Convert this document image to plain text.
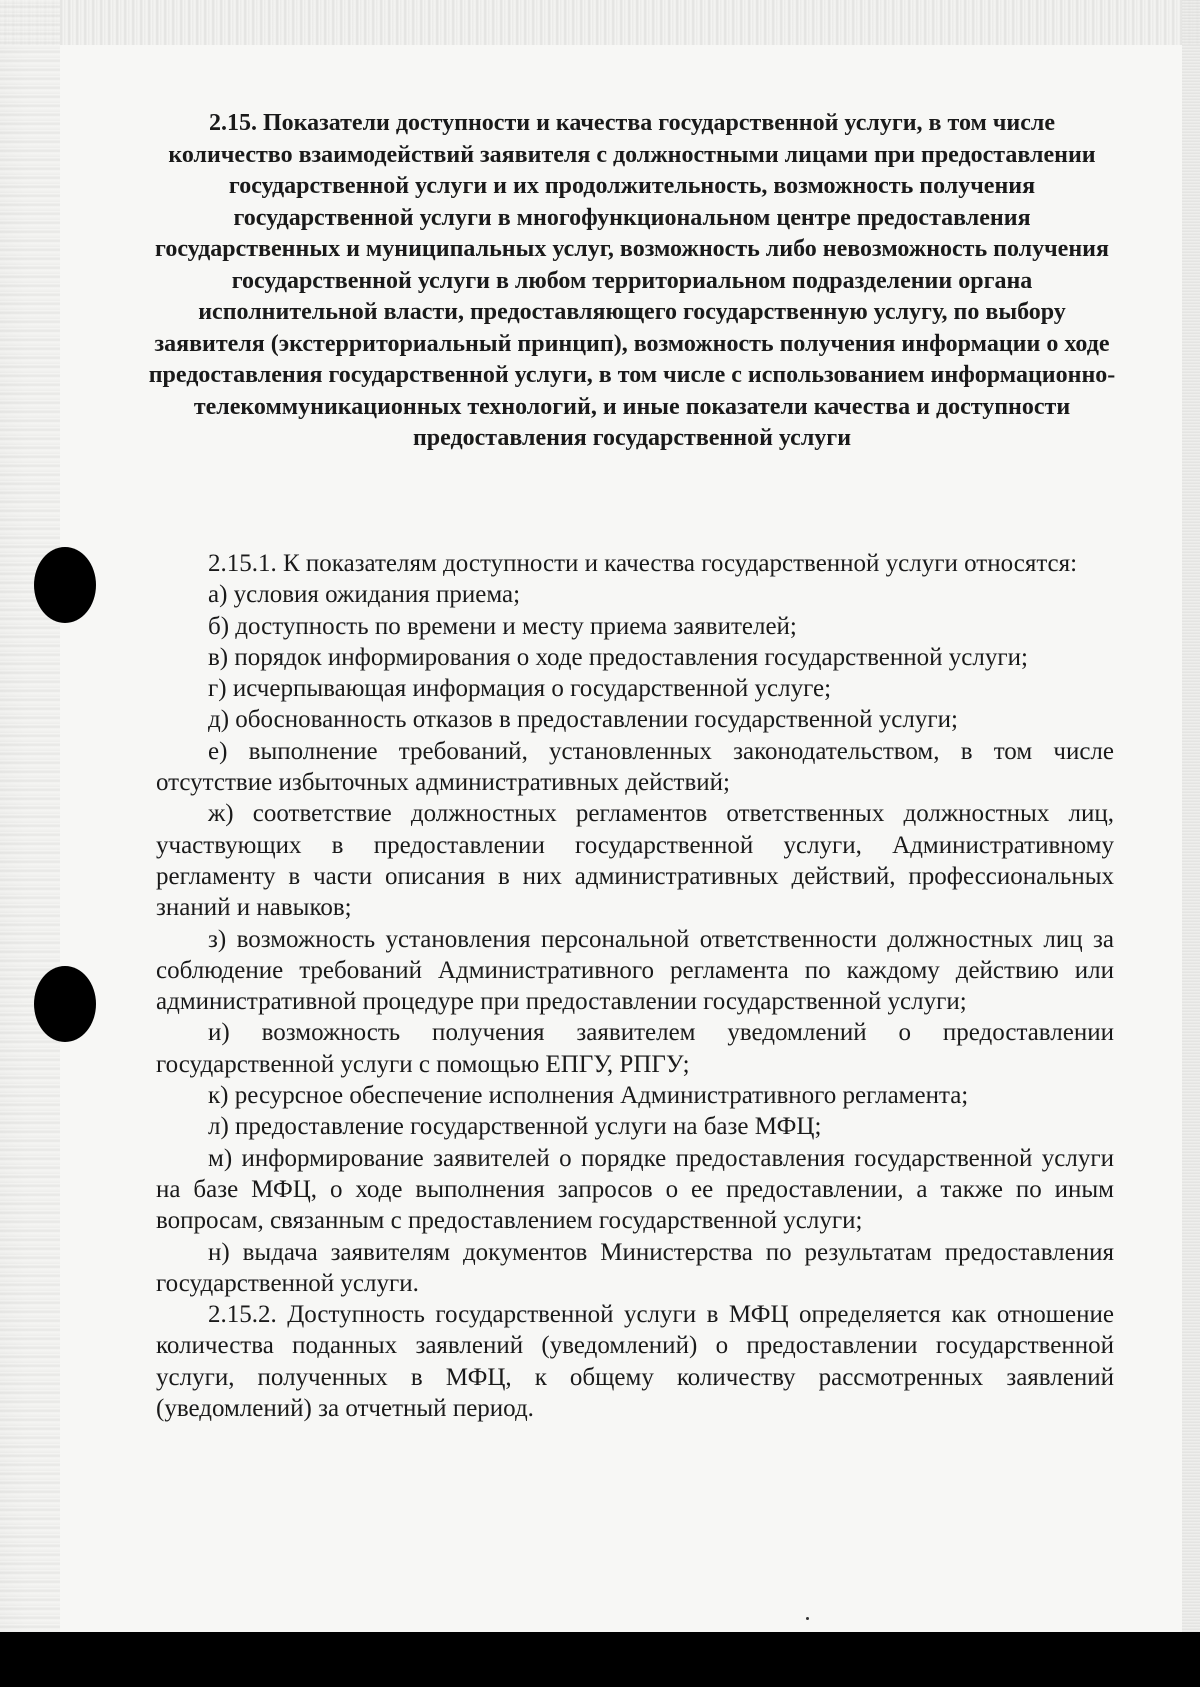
2.15. Показатели доступности и качества государственной услуги, в том числе количество взаимодействий заявителя с должностными лицами при предоставлении государственной услуги и их продолжительность, возможность получения государственной услуги в многофункциональном центре предоставления государственных и муниципальных услуг, возможность либо невозможность получения государственной услуги в любом территориальном подразделении органа исполнительной власти, предоставляющего государственную услугу, по выбору заявителя (экстерриториальный принцип), возможность получения информации о ходе предоставления государственной услуги, в том числе с использованием информационно-телекоммуникационных технологий, и иные показатели качества и доступности предоставления государственной услуги

2.15.1. К показателям доступности и качества государственной услуги относятся:

а) условия ожидания приема;

б) доступность по времени и месту приема заявителей;

в) порядок информирования о ходе предоставления государственной услуги;

г) исчерпывающая информация о государственной услуге;

д) обоснованность отказов в предоставлении государственной услуги;

е) выполнение требований, установленных законодательством, в том числе отсутствие избыточных административных действий;

ж) соответствие должностных регламентов ответственных должностных лиц, участвующих в предоставлении государственной услуги, Административному регламенту в части описания в них административных действий, профессиональных знаний и навыков;

з) возможность установления персональной ответственности должностных лиц за соблюдение требований Административного регламента по каждому действию или административной процедуре при предоставлении государственной услуги;

и) возможность получения заявителем уведомлений о предоставлении государственной услуги с помощью ЕПГУ, РПГУ;

к) ресурсное обеспечение исполнения Административного регламента;

л) предоставление государственной услуги на базе МФЦ;

м) информирование заявителей о порядке предоставления государственной услуги на базе МФЦ, о ходе выполнения запросов о ее предоставлении, а также по иным вопросам, связанным с предоставлением государственной услуги;

н) выдача заявителям документов Министерства по результатам предоставления государственной услуги.

2.15.2. Доступность государственной услуги в МФЦ определяется как отношение количества поданных заявлений (уведомлений) о предоставлении государственной услуги, полученных в МФЦ, к общему количеству рассмотренных заявлений (уведомлений) за отчетный период.
